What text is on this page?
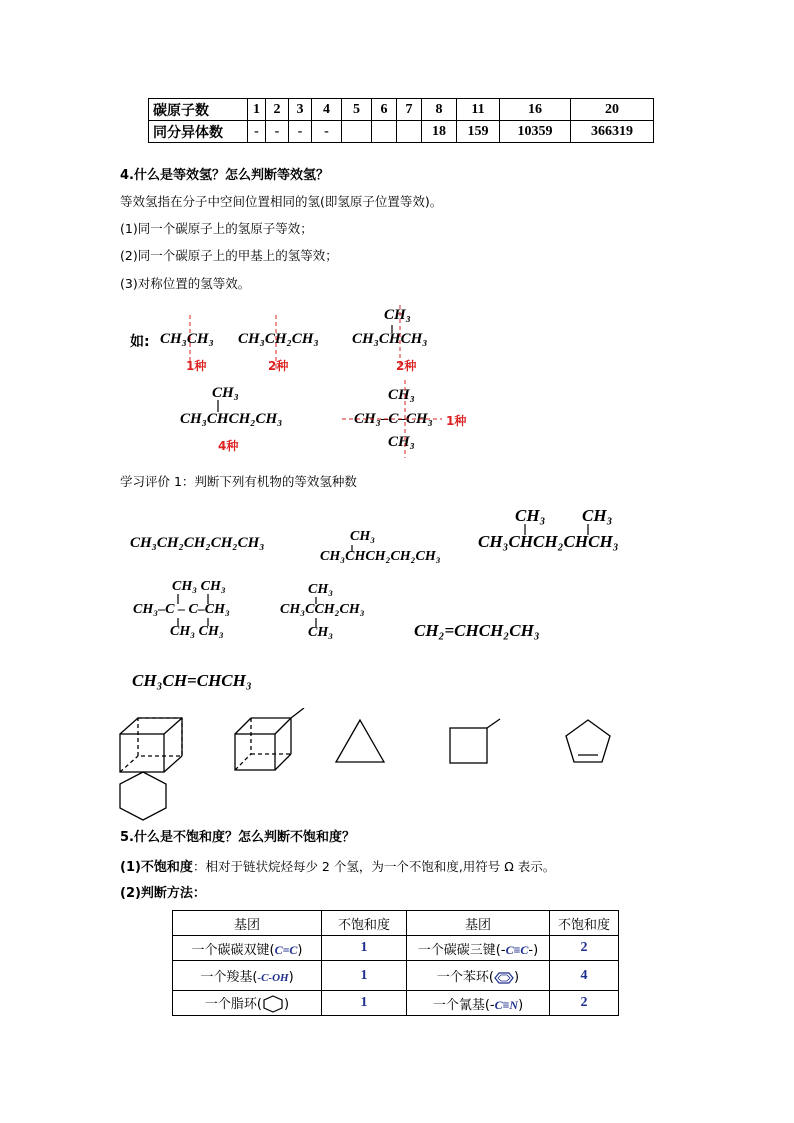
碳原子数	1	2	3	4	5	6	7	8	11	16	20
同分异体数	-	-	-	-				18	159	10359	366319
4.什么是等效氢？怎么判断等效氢？
等效氢指在分子中空间位置相同的氢(即氢原子位置等效)。
(1)同一个碳原子上的氢原子等效；
(2)同一个碳原子上的甲基上的氢等效；
(3)对称位置的氢等效。
如: CH₃CH₃
1种
CH₃CH₂CH₃
2种
CH₃
CH₃CHCH₃
2种
CH₃
CH₃CHCH₂CH₃
4种
CH₃
CH₃–C–CH₃
CH₃
1种
学习评价 1：判断下列有机物的等效氢种数
CH₃CH₂CH₂CH₂CH₃	CH₃
CH₃CHCH₂CH₂CH₃
CH₃ CH₃
CH₃CHCH₂CHCH₃
CH₃ CH₃
CH₃–C – C–CH₃
CH₃ CH₃
CH₃
CH₃CCH₂CH₃
CH₃	CH₂=CHCH₂CH₃
CH₃CH=CHCH₃
5.什么是不饱和度？怎么判断不饱和度？
(1)不饱和度：相对于链状烷烃每少 2 个氢，为一个不饱和度,用符号 Ω 表示。
(2)判断方法：
基团	不饱和度	基团	不饱和度
一个碳碳双键(C=C)	1	一个碳碳三键(-C≡C-)	2
一个羧基(-C-OH)	1	一个苯环( )	4
一个脂环( )	1	一个氰基(-C≡N)	2
